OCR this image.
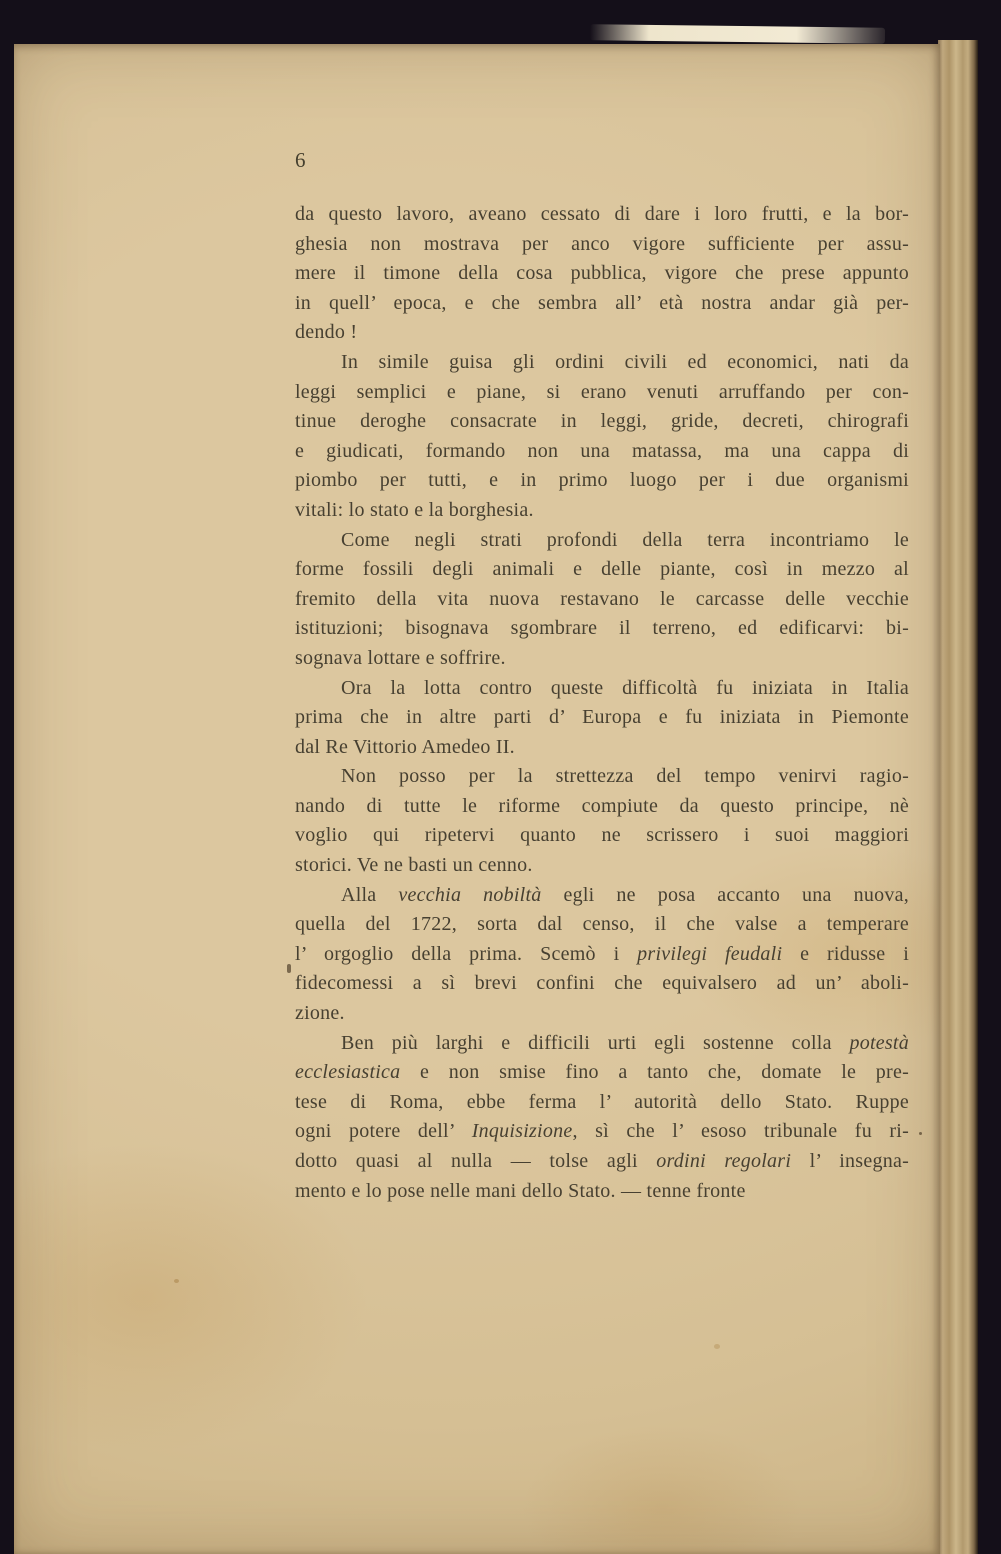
6
da questo lavoro, aveano cessato di dare i loro frutti, e la bor-
ghesia non mostrava per anco vigore sufficiente per assu-
mere il timone della cosa pubblica, vigore che prese appunto
in quell’ epoca, e che sembra all’ età nostra andar già per-
dendo !
In simile guisa gli ordini civili ed economici, nati da
leggi semplici e piane, si erano venuti arruffando per con-
tinue deroghe consacrate in leggi, gride, decreti, chirografi
e giudicati, formando non una matassa, ma una cappa di
piombo per tutti, e in primo luogo per i due organismi
vitali: lo stato e la borghesia.
Come negli strati profondi della terra incontriamo le
forme fossili degli animali e delle piante, così in mezzo al
fremito della vita nuova restavano le carcasse delle vecchie
istituzioni; bisognava sgombrare il terreno, ed edificarvi: bi-
sognava lottare e soffrire.
Ora la lotta contro queste difficoltà fu iniziata in Italia
prima che in altre parti d’ Europa e fu iniziata in Piemonte
dal Re Vittorio Amedeo II.
Non posso per la strettezza del tempo venirvi ragio-
nando di tutte le riforme compiute da questo principe, nè
voglio qui ripetervi quanto ne scrissero i suoi maggiori
storici. Ve ne basti un cenno.
Alla vecchia nobiltà egli ne posa accanto una nuova,
quella del 1722, sorta dal censo, il che valse a temperare
l’ orgoglio della prima. Scemò i privilegi feudali e ridusse i
fidecomessi a sì brevi confini che equivalsero ad un’ aboli-
zione.
Ben più larghi e difficili urti egli sostenne colla potestà
ecclesiastica e non smise fino a tanto che, domate le pre-
tese di Roma, ebbe ferma l’ autorità dello Stato. Ruppe
ogni potere dell’ Inquisizione, sì che l’ esoso tribunale fu ri-
dotto quasi al nulla — tolse agli ordini regolari l’ insegna-
mento e lo pose nelle mani dello Stato. — tenne fronte
